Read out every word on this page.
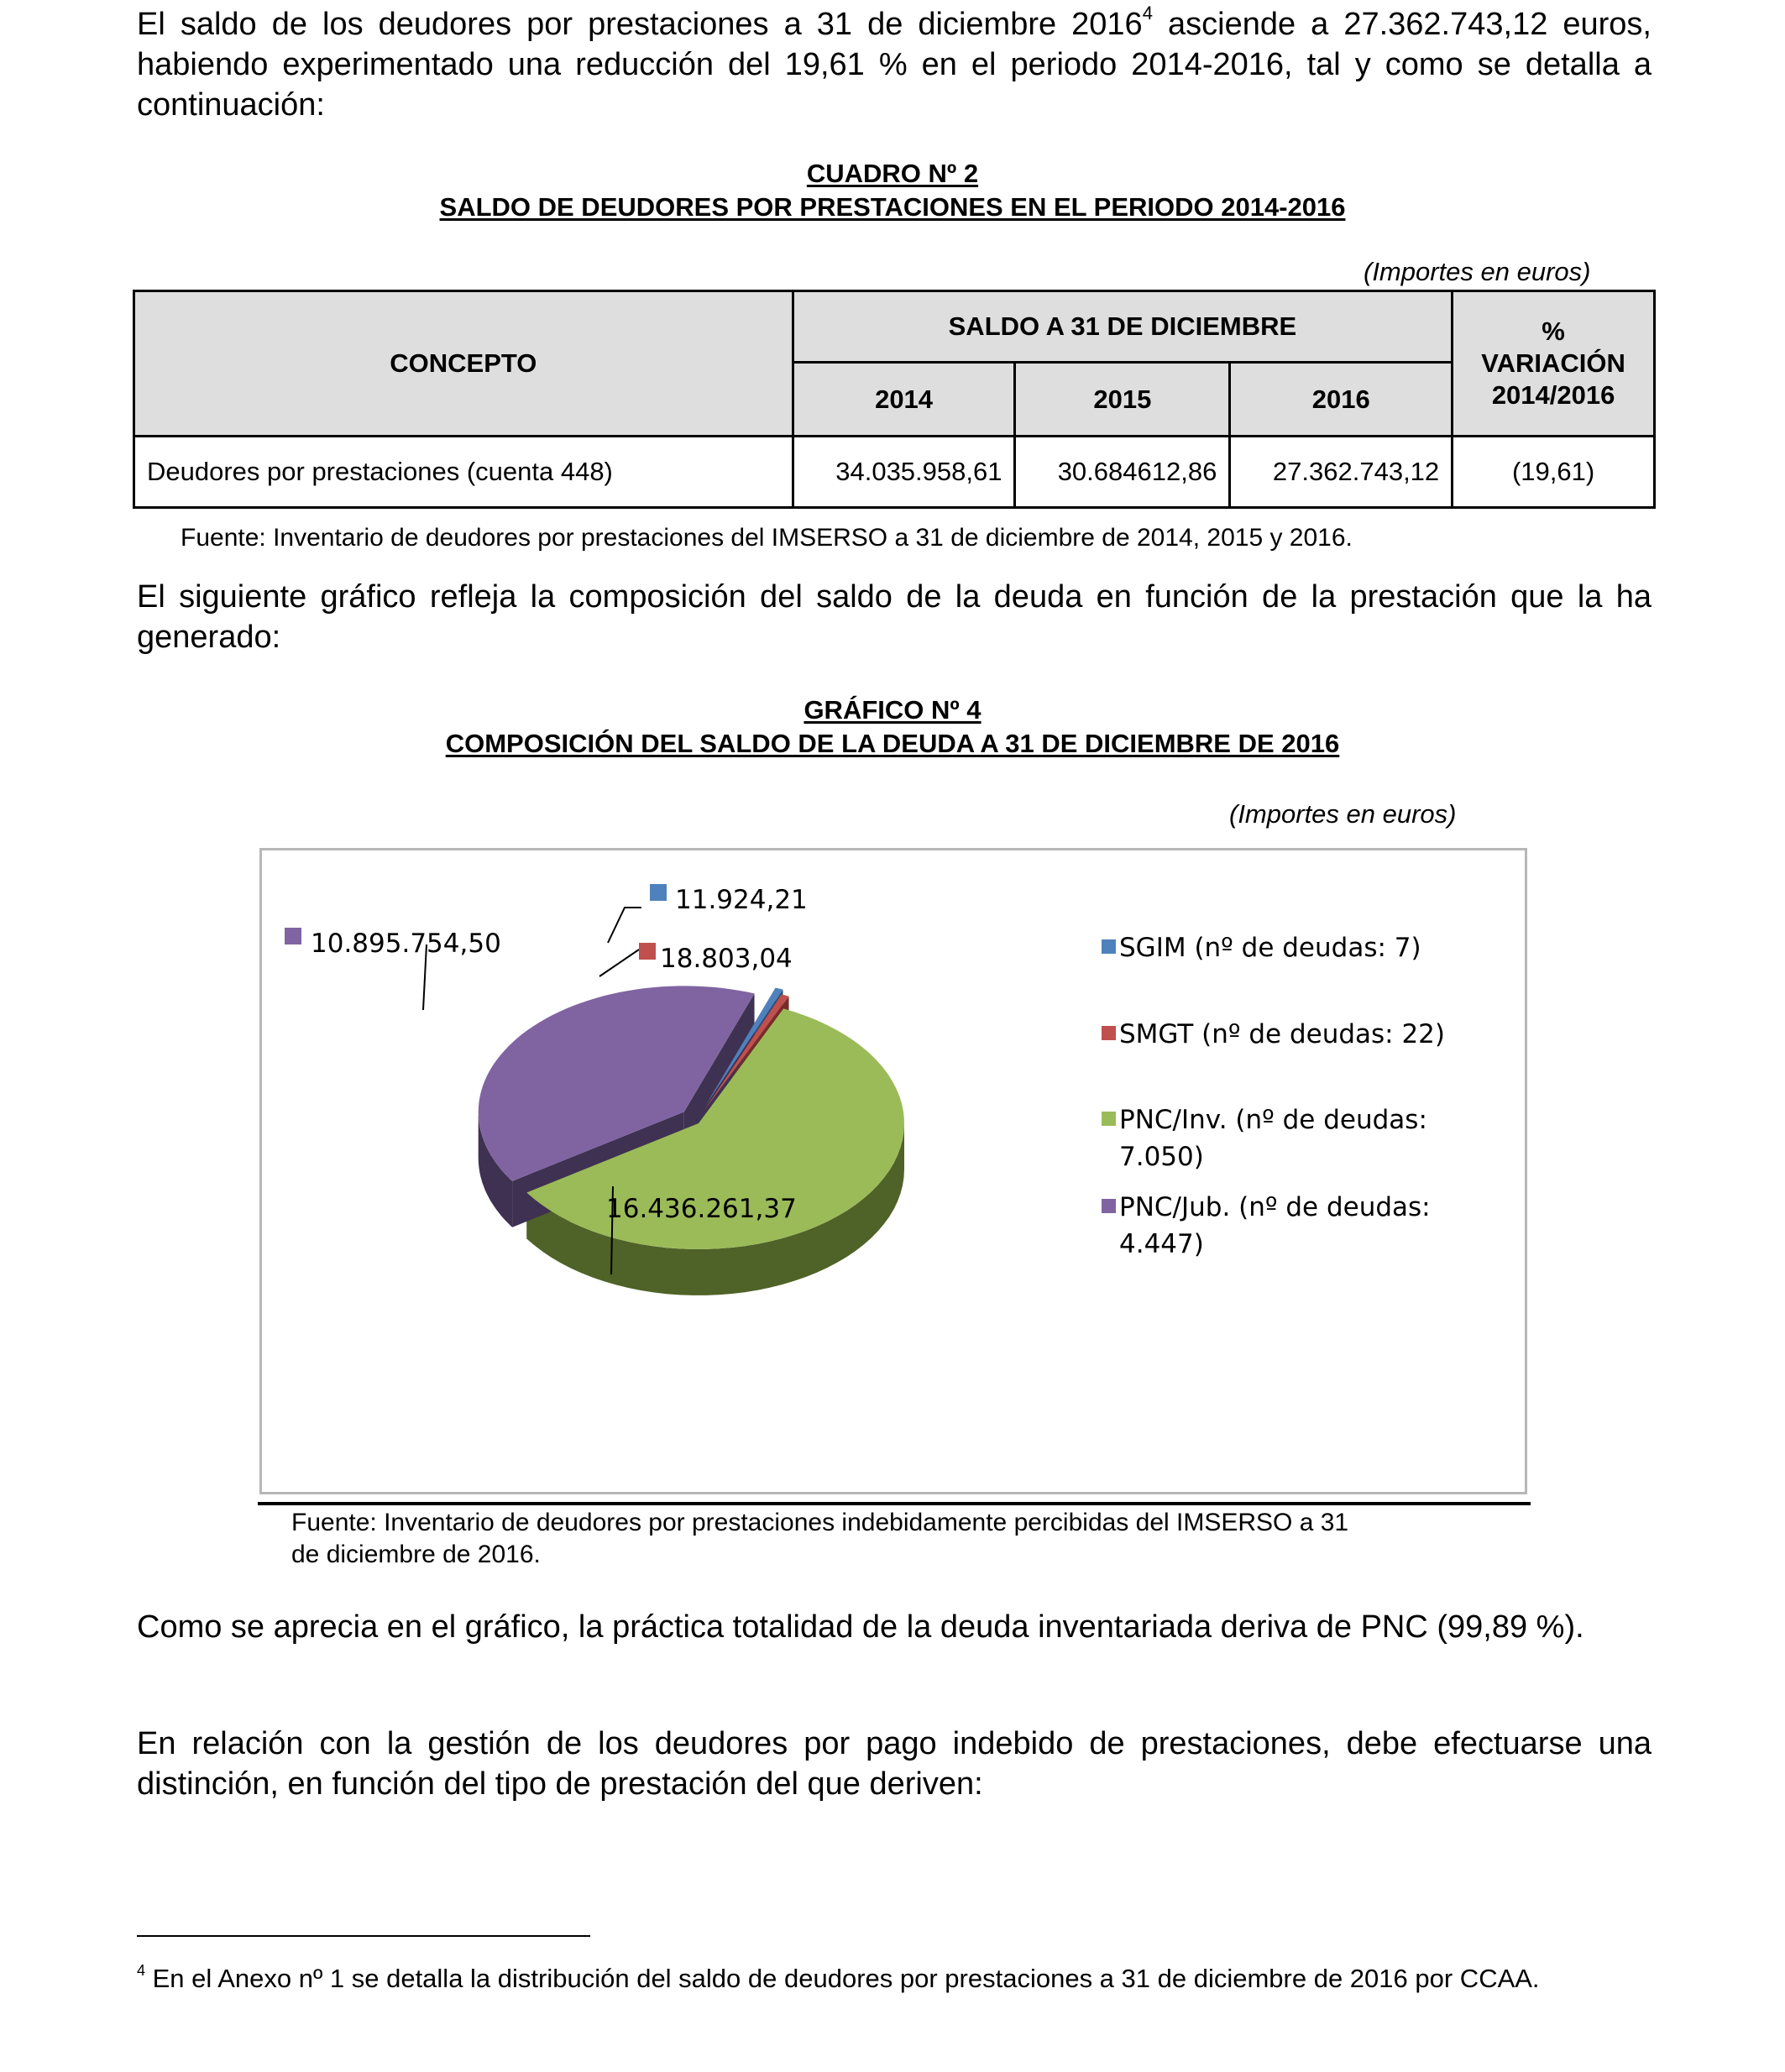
El saldo de los deudores por prestaciones a 31 de diciembre 2016$^4$ asciende a 27.362.743,12 euros, habiendo experimentado una reducción del 19,61 % en el periodo 2014-2016, tal y como se detalla a continuación:

CUADRO Nº 2
SALDO DE DEUDORES POR PRESTACIONES EN EL PERIODO 2014-2016
(Importes en euros)
CONCEPTO	SALDO A 31 DE DICIEMBRE			%
VARIACIÓN
2014/2016

	2014	2015	2016	
Deudores por prestaciones (cuenta 448)	34.035.958,61	30.684612,86	27.362.743,12	(19,61)
Fuente: Inventario de deudores por prestaciones del IMSERSO a 31 de diciembre de 2014, 2015 y 2016.

El siguiente gráfico refleja la composición del saldo de la deuda en función de la prestación que la ha generado:

GRÁFICO Nº 4
COMPOSICIÓN DEL SALDO DE LA DEUDA A 31 DE DICIEMBRE DE 2016
(Importes en euros)
11.924,21
18.803,04
16.436.261,37
10.895.754,50	SGIM (nº de deudas: 7)
SMGT (nº de deudas: 22)
PNC/Inv. (nº de deudas:
7.050)
PNC/Jub. (nº de deudas:
4.447)
Fuente: Inventario de deudores por prestaciones indebidamente percibidas del IMSERSO a 31
de diciembre de 2016.

Como se aprecia en el gráfico, la práctica totalidad de la deuda inventariada deriva de PNC (99,89 %).

En relación con la gestión de los deudores por pago indebido de prestaciones, debe efectuarse una distinción, en función del tipo de prestación del que deriven:

$^4$ En el Anexo nº 1 se detalla la distribución del saldo de deudores por prestaciones a 31 de diciembre de 2016 por CCAA.
